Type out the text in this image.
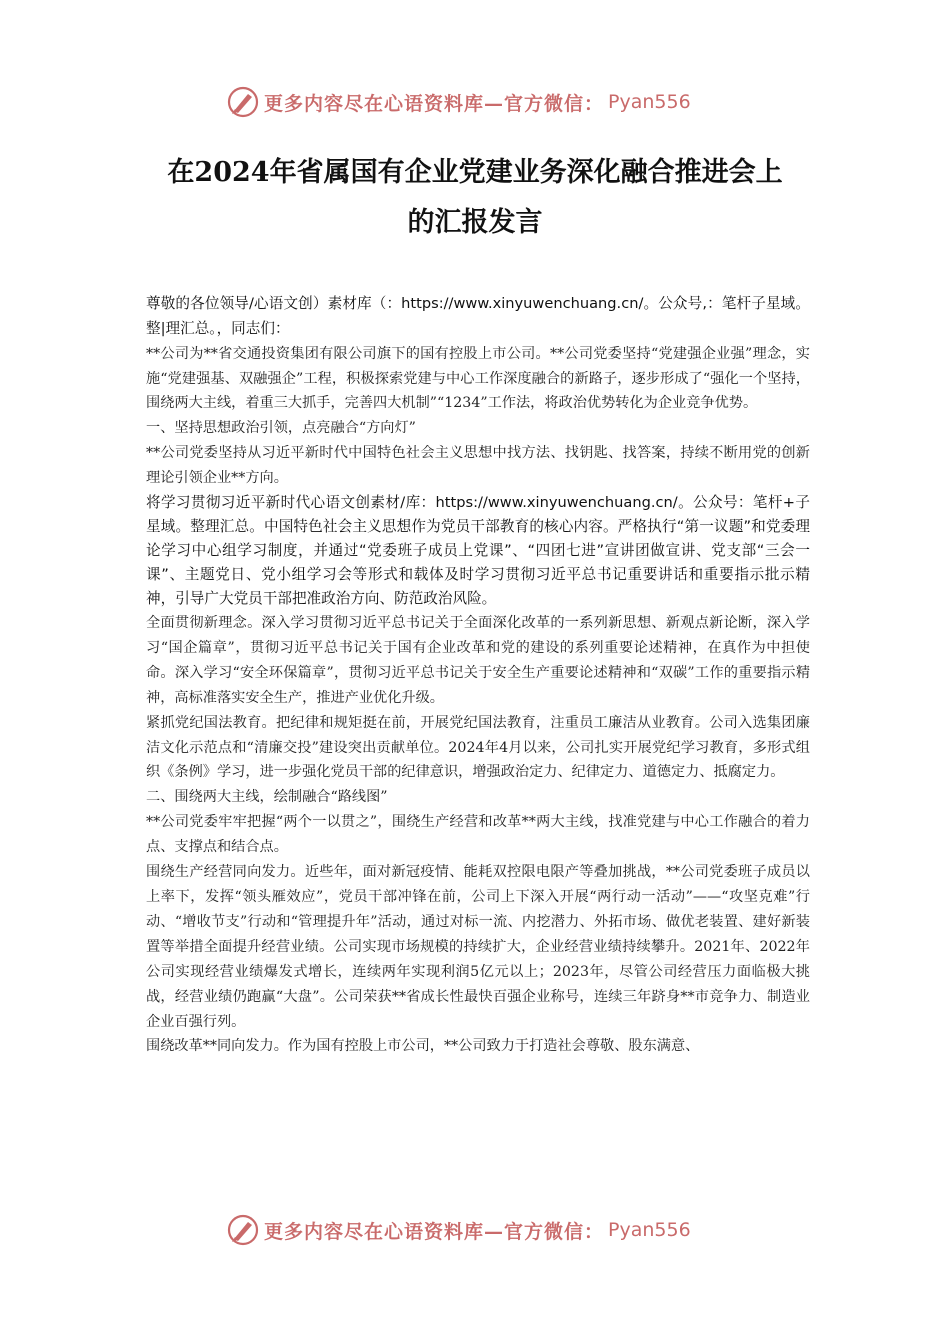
更多内容尽在心语资料库—官方微信： Pyan556
在2024年省属国有企业党建业务深化融合推进会上
的汇报发言

尊敬的各位领导/心语文创）素材库（：https://www.xinyuwenchuang.cn/。公众号,：笔杆子星域。整|理汇总。，同志们：

**公司为**省交通投资集团有限公司旗下的国有控股上市公司。**公司党委坚持“党建强企业强”理念，实施“党建强基、双融强企”工程，积极探索党建与中心工作深度融合的新路子，逐步形成了“强化一个坚持，围绕两大主线，着重三大抓手，完善四大机制”“1234”工作法，将政治优势转化为企业竞争优势。

一、坚持思想政治引领，点亮融合“方向灯”

**公司党委坚持从习近平新时代中国特色社会主义思想中找方法、找钥匙、找答案，持续不断用党的创新理论引领企业**方向。

将学习贯彻习近平新时代心语文创素材/库：https://www.xinyuwenchuang.cn/。公众号：笔杆+子星域。整理汇总。中国特色社会主义思想作为党员干部教育的核心内容。严格执行“第一议题”和党委理论学习中心组学习制度，并通过“党委班子成员上党课”、“四团七进”宣讲团做宣讲、党支部“三会一课”、主题党日、党小组学习会等形式和载体及时学习贯彻习近平总书记重要讲话和重要指示批示精神，引导广大党员干部把准政治方向、防范政治风险。

全面贯彻新理念。深入学习贯彻习近平总书记关于全面深化改革的一系列新思想、新观点新论断，深入学习“国企篇章”，贯彻习近平总书记关于国有企业改革和党的建设的系列重要论述精神，在真作为中担使命。深入学习“安全环保篇章”，贯彻习近平总书记关于安全生产重要论述精神和“双碳”工作的重要指示精神，高标准落实安全生产，推进产业优化升级。

紧抓党纪国法教育。把纪律和规矩挺在前，开展党纪国法教育，注重员工廉洁从业教育。公司入选集团廉洁文化示范点和“清廉交投”建设突出贡献单位。2024年4月以来，公司扎实开展党纪学习教育，多形式组织《条例》学习，进一步强化党员干部的纪律意识，增强政治定力、纪律定力、道德定力、抵腐定力。

二、围绕两大主线，绘制融合“路线图”

**公司党委牢牢把握“两个一以贯之”，围绕生产经营和改革**两大主线，找准党建与中心工作融合的着力点、支撑点和结合点。

围绕生产经营同向发力。近些年，面对新冠疫情、能耗双控限电限产等叠加挑战，**公司党委班子成员以上率下，发挥“领头雁效应”，党员干部冲锋在前，公司上下深入开展“两行动一活动”——“攻坚克难”行动、“增收节支”行动和“管理提升年”活动，通过对标一流、内挖潜力、外拓市场、做优老装置、建好新装置等举措全面提升经营业绩。公司实现市场规模的持续扩大，企业经营业绩持续攀升。2021年、2022年公司实现经营业绩爆发式增长，连续两年实现利润5亿元以上；2023年，尽管公司经营压力面临极大挑战，经营业绩仍跑赢“大盘”。公司荣获**省成长性最快百强企业称号，连续三年跻身**市竞争力、制造业企业百强行列。

围绕改革**同向发力。作为国有控股上市公司，**公司致力于打造社会尊敬、股东满意、

更多内容尽在心语资料库—官方微信： Pyan556
